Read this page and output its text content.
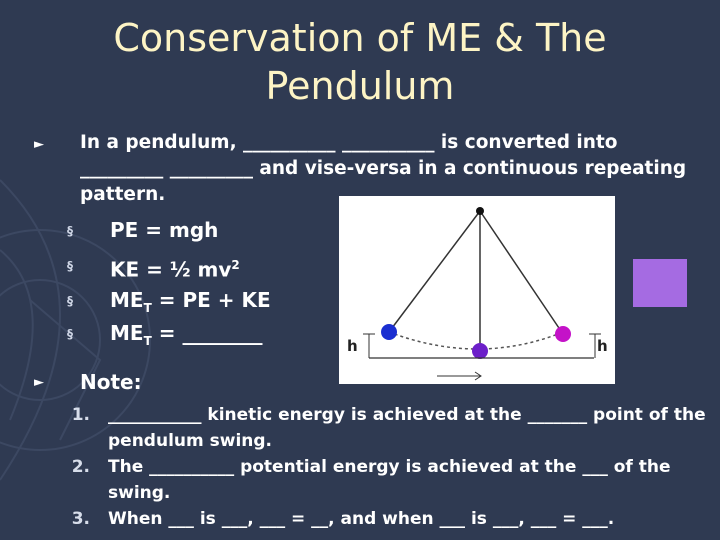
Conservation of ME & The Pendulum
► In a pendulum, __________ __________ is converted into _________ _________ and vise-versa in a continuous repeating pattern.
§ PE = mgh
§ KE = ½ $mv^2$
§ $ME_T$ = PE + KE
§ $ME_T$ = ________
► Note:
1. ___________ kinetic energy is achieved at the _______ point of the pendulum swing.
2. The __________ potential energy is achieved at the ___ of the swing.
3. When ___ is ___, ___ = __, and when ___ is ___, ___ = ___.
h	h
